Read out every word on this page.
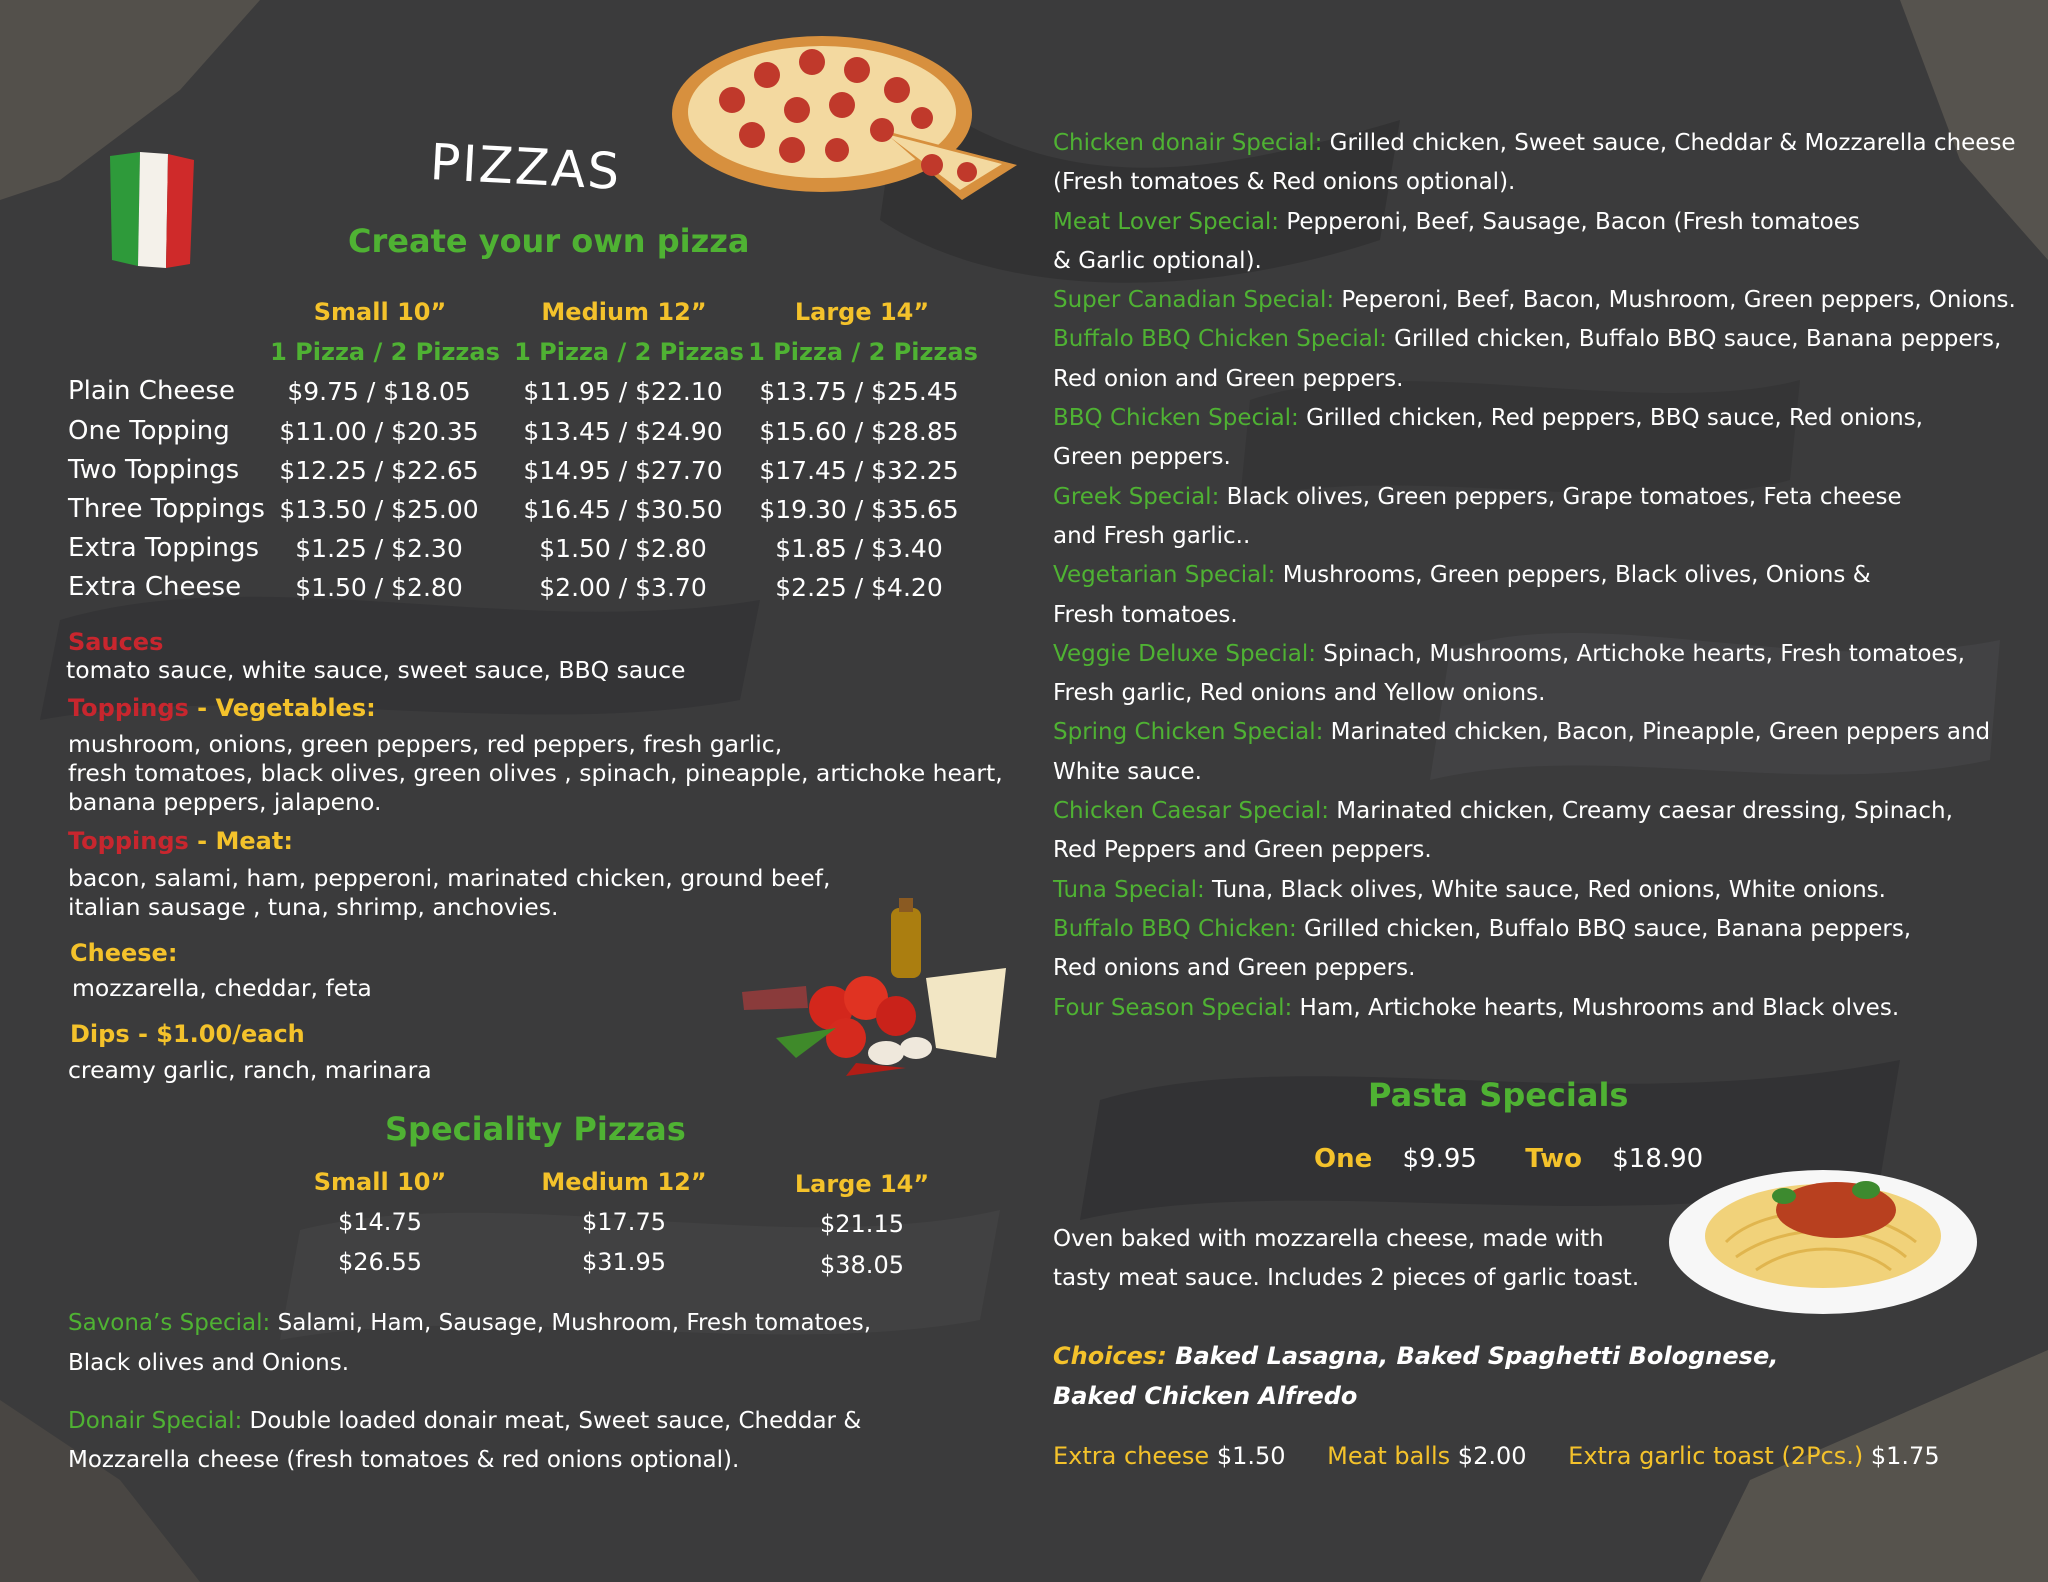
PIZZAS
Create your own pizza
Small 10”	Medium 12”	Large 14”
1 Pizza / 2 Pizzas 1 Pizza / 2 Pizzas 1 Pizza / 2 Pizzas
Plain Cheese	$9.75 / $18.05	$11.95 / $22.10	$13.75 / $25.45
One Topping	$11.00 / $20.35	$13.45 / $24.90	$15.60 / $28.85
Two Toppings	$12.25 / $22.65	$14.95 / $27.70	$17.45 / $32.25
Three Toppings $13.50 / $25.00	$16.45 / $30.50	$19.30 / $35.65
Extra Toppings	$1.25 / $2.30	$1.50 / $2.80	$1.85 / $3.40
Extra Cheese	$1.50 / $2.80	$2.00 / $3.70	$2.25 / $4.20
Sauces
tomato sauce, white sauce, sweet sauce, BBQ sauce
Toppings - Vegetables:
mushroom, onions, green peppers, red peppers, fresh garlic,
fresh tomatoes, black olives, green olives , spinach, pineapple, artichoke heart,
banana peppers, jalapeno.
Toppings - Meat:
bacon, salami, ham, pepperoni, marinated chicken, ground beef,
italian sausage , tuna, shrimp, anchovies.
Cheese:
mozzarella, cheddar, feta
Dips - $1.00/each
creamy garlic, ranch, marinara
Speciality Pizzas
Small 10”	Medium 12”	Large 14”
$14.75	$17.75	$21.15
$26.55	$31.95	$38.05
Savona’s Special: Salami, Ham, Sausage, Mushroom, Fresh tomatoes,
Black olives and Onions.
Donair Special: Double loaded donair meat, Sweet sauce, Cheddar &
Mozzarella cheese (fresh tomatoes & red onions optional).
Chicken donair Special: Grilled chicken, Sweet sauce, Cheddar & Mozzarella cheese
(Fresh tomatoes & Red onions optional).
Meat Lover Special: Pepperoni, Beef, Sausage, Bacon (Fresh tomatoes
& Garlic optional).
Super Canadian Special: Peperoni, Beef, Bacon, Mushroom, Green peppers, Onions.
Buffalo BBQ Chicken Special: Grilled chicken, Buffalo BBQ sauce, Banana peppers,
Red onion and Green peppers.
BBQ Chicken Special: Grilled chicken, Red peppers, BBQ sauce, Red onions,
Green peppers.
Greek Special: Black olives, Green peppers, Grape tomatoes, Feta cheese
and Fresh garlic..
Vegetarian Special: Mushrooms, Green peppers, Black olives, Onions &
Fresh tomatoes.
Veggie Deluxe Special: Spinach, Mushrooms, Artichoke hearts, Fresh tomatoes,
Fresh garlic, Red onions and Yellow onions.
Spring Chicken Special: Marinated chicken, Bacon, Pineapple, Green peppers and
White sauce.
Chicken Caesar Special: Marinated chicken, Creamy caesar dressing, Spinach,
Red Peppers and Green peppers.
Tuna Special: Tuna, Black olives, White sauce, Red onions, White onions.
Buffalo BBQ Chicken: Grilled chicken, Buffalo BBQ sauce, Banana peppers,
Red onions and Green peppers.
Four Season Special: Ham, Artichoke hearts, Mushrooms and Black olves.
Pasta Specials
One $9.95 Two $18.90
Oven baked with mozzarella cheese, made with
tasty meat sauce. Includes 2 pieces of garlic toast.
Choices: Baked Lasagna, Baked Spaghetti Bolognese,
Baked Chicken Alfredo
Extra cheese $1.50 Meat balls $2.00 Extra garlic toast (2Pcs.) $1.75
